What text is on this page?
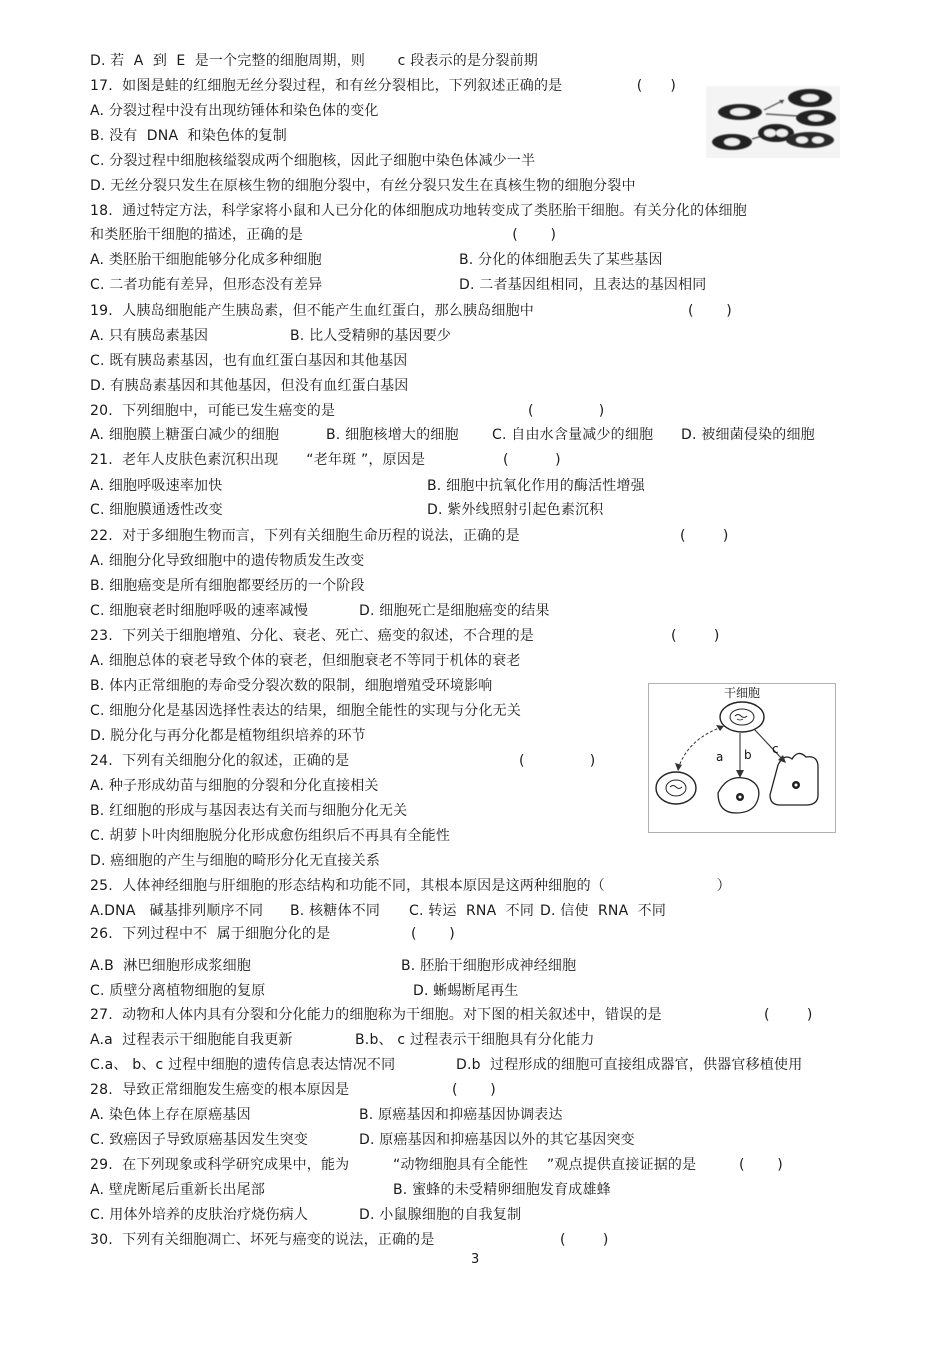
D. 若  A  到  E  是一个完整的细胞周期，则       c 段表示的是分裂前期
17.  如图是蛙的红细胞无丝分裂过程，和有丝分裂相比，下列叙述正确的是                (      )
A. 分裂过程中没有出现纺锤体和染色体的变化
B. 没有  DNA  和染色体的复制
C. 分裂过程中细胞核缢裂成两个细胞核，因此子细胞中染色体减少一半
D. 无丝分裂只发生在原核生物的细胞分裂中，有丝分裂只发生在真核生物的细胞分裂中
18.  通过特定方法，科学家将小鼠和人已分化的体细胞成功地转变成了类胚胎干细胞。有关分化的体细胞
和类胚胎干细胞的描述，正确的是                                             (       )
A. 类胚胎干细胞能够分化成多种细胞	B. 分化的体细胞丢失了某些基因
C. 二者功能有差异，但形态没有差异	D. 二者基因组相同，且表达的基因相同
19.  人胰岛细胞能产生胰岛素，但不能产生血红蛋白，那么胰岛细胞中	(       )
A. 只有胰岛素基因	B. 比人受精卵的基因要少
C. 既有胰岛素基因，也有血红蛋白基因和其他基因
D. 有胰岛素基因和其他基因，但没有血红蛋白基因
20.  下列细胞中，可能已发生癌变的是	(              )
A. 细胞膜上糖蛋白减少的细胞	B. 细胞核增大的细胞 C. 自由水含量减少的细胞 D. 被细菌侵染的细胞
21.  老年人皮肤色素沉积出现      “老年斑 ”，原因是	(          )
A. 细胞呼吸速率加快	B. 细胞中抗氧化作用的酶活性增强
C. 细胞膜通透性改变	D. 紫外线照射引起色素沉积
22.  对于多细胞生物而言，下列有关细胞生命历程的说法，正确的是	(        )
A. 细胞分化导致细胞中的遗传物质发生改变
B. 细胞癌变是所有细胞都要经历的一个阶段
C. 细胞衰老时细胞呼吸的速率减慢	D. 细胞死亡是细胞癌变的结果
23.  下列关于细胞增殖、分化、衰老、死亡、癌变的叙述，不合理的是	(        )
A. 细胞总体的衰老导致个体的衰老，但细胞衰老不等同于机体的衰老
B. 体内正常细胞的寿命受分裂次数的限制，细胞增殖受环境影响
C. 细胞分化是基因选择性表达的结果，细胞全能性的实现与分化无关
D. 脱分化与再分化都是植物组织培养的环节
24.  下列有关细胞分化的叙述，正确的是	(              )
A. 种子形成幼苗与细胞的分裂和分化直接相关
B. 红细胞的形成与基因表达有关而与细胞分化无关
C. 胡萝卜叶肉细胞脱分化形成愈伤组织后不再具有全能性
D. 癌细胞的产生与细胞的畸形分化无直接关系
25.  人体神经细胞与肝细胞的形态结构和功能不同，其根本原因是这两种细胞的（                        ）
A.DNA   碱基排列顺序不同 B. 核糖体不同 C. 转运  RNA  不同 D. 信使  RNA  不同
26.  下列过程中不  属于细胞分化的是	(       )
A.B  淋巴细胞形成浆细胞	B. 胚胎干细胞形成神经细胞
C. 质壁分离植物细胞的复原	D. 蜥蜴断尾再生
27.  动物和人体内具有分裂和分化能力的细胞称为干细胞。对下图的相关叙述中，错误的是	(        )
A.a  过程表示干细胞能自我更新	B.b、 c 过程表示干细胞具有分化能力
C.a、 b、c 过程中细胞的遗传信息表达情况不同	D.b  过程形成的细胞可直接组成器官，供器官移植使用
28.  导致正常细胞发生癌变的根本原因是	(       )
A. 染色体上存在原癌基因	B. 原癌基因和抑癌基因协调表达
C. 致癌因子导致原癌基因发生突变	D. 原癌基因和抑癌基因以外的其它基因突变
29.  在下列现象或科学研究成果中，能为	“动物细胞具有全能性    ”观点提供直接证据的是	(       )
A. 壁虎断尾后重新长出尾部	B. 蜜蜂的未受精卵细胞发育成雄蜂
C. 用体外培养的皮肤治疗烧伤病人	D. 小鼠腺细胞的自我复制
30.  下列有关细胞凋亡、坏死与癌变的说法，正确的是	(        )
干细胞
a b c
3
